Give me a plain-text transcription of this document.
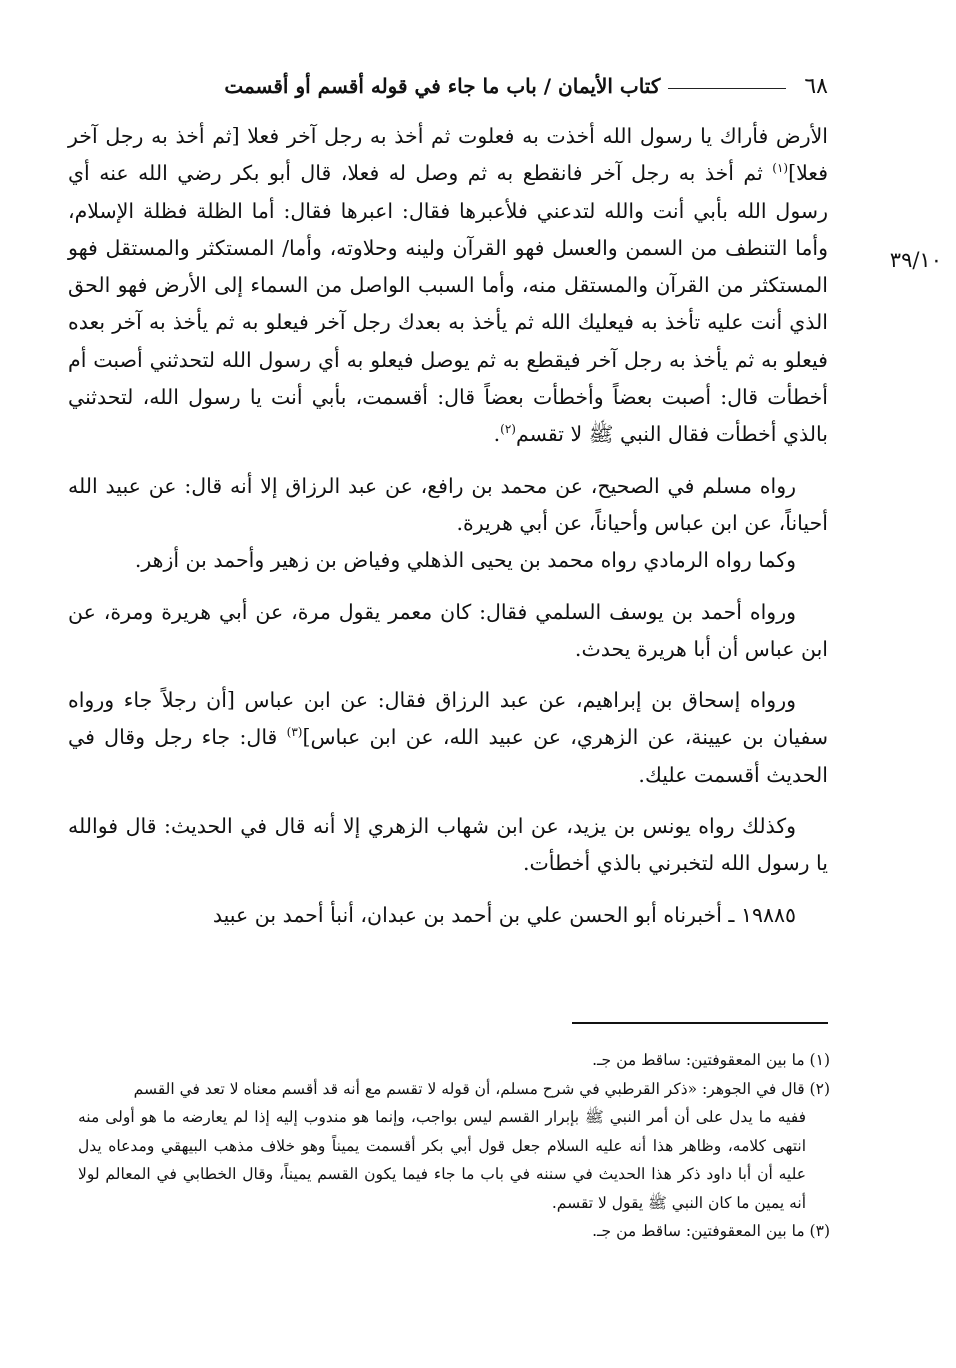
٦٨
كتاب الأيمان / باب ما جاء في قوله أقسم أو أقسمت
٣٩/١٠

الأرض فأراك يا رسول الله أخذت به فعلوت ثم أخذ به رجل آخر فعلا [ثم أخذ به رجل آخر فعلا]$^{(١)}$ ثم أخذ به رجل آخر فانقطع به ثم وصل له فعلا، قال أبو بكر رضي الله عنه أي رسول الله بأبي أنت والله لتدعني فلأعبرها فقال: اعبرها فقال: أما الظلة فظلة الإسلام، وأما التنطف من السمن والعسل فهو القرآن ولينه وحلاوته، وأما/ المستكثر والمستقل فهو المستكثر من القرآن والمستقل منه، وأما السبب الواصل من السماء إلى الأرض فهو الحق الذي أنت عليه تأخذ به فيعليك الله ثم يأخذ به بعدك رجل آخر فيعلو به ثم يأخذ به آخر بعده فيعلو به ثم يأخذ به رجل آخر فيقطع به ثم يوصل فيعلو به أي رسول الله لتحدثني أصبت أم أخطأت قال: أصبت بعضاً وأخطأت بعضاً قال: أقسمت، بأبي أنت يا رسول الله، لتحدثني بالذي أخطأت فقال النبي ﷺ لا تقسم$^{(٢)}$.

رواه مسلم في الصحيح، عن محمد بن رافع، عن عبد الرزاق إلا أنه قال: عن عبيد الله أحياناً، عن ابن عباس وأحياناً، عن أبي هريرة.

وكما رواه الرمادي رواه محمد بن يحيى الذهلي وفياض بن زهير وأحمد بن أزهر.

ورواه أحمد بن يوسف السلمي فقال: كان معمر يقول مرة، عن أبي هريرة ومرة، عن ابن عباس أن أبا هريرة يحدث.

ورواه إسحاق بن إبراهيم، عن عبد الرزاق فقال: عن ابن عباس [أن رجلاً جاء ورواه سفيان بن عيينة، عن الزهري، عن عبيد الله، عن ابن عباس]$^{(٣)}$ قال: جاء رجل وقال في الحديث أقسمت عليك.

وكذلك رواه يونس بن يزيد، عن ابن شهاب الزهري إلا أنه قال في الحديث: قال فوالله يا رسول الله لتخبرني بالذي أخطأت.

١٩٨٨٥ ـ أخبرناه أبو الحسن علي بن أحمد بن عبدان، أنبأ أحمد بن عبيد

(١) ما بين المعقوفتين: ساقط من جـ.

(٢) قال في الجوهر: «ذكر القرطبي في شرح مسلم، أن قوله لا تقسم مع أنه قد أقسم معناه لا تعد في القسم

ففيه ما يدل على أن أمر النبي ﷺ بإبرار القسم ليس بواجب، وإنما هو مندوب إليه إذا لم يعارضه ما هو أولى منه انتهى كلامه، وظاهر هذا أنه عليه السلام جعل قول أبي بكر أقسمت يميناً وهو خلاف مذهب البيهقي ومدعاه يدل عليه أن أبا داود ذكر هذا الحديث في سننه في باب ما جاء فيما يكون القسم يميناً، وقال الخطابي في المعالم لولا أنه يمين ما كان النبي ﷺ يقول لا تقسم.

(٣) ما بين المعقوفتين: ساقط من جـ.
